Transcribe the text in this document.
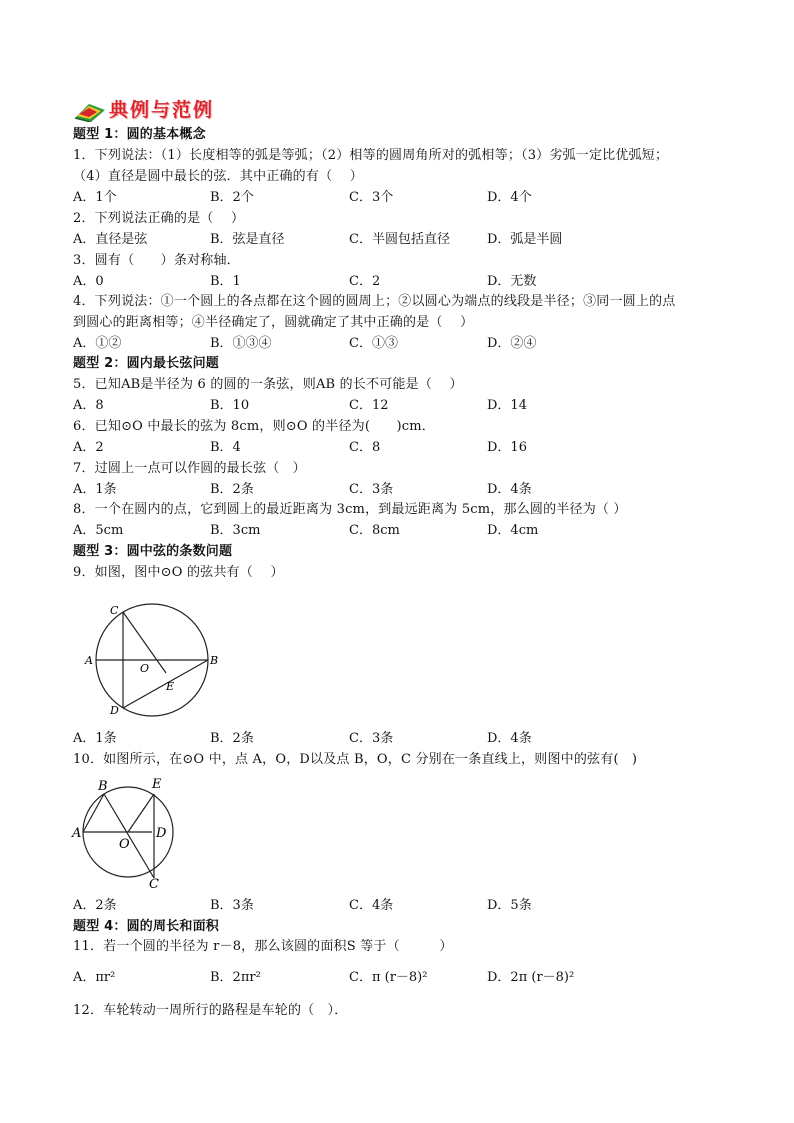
典例与范例
题型 1：圆的基本概念
1．下列说法：（1）长度相等的弧是等弧；（2）相等的圆周角所对的弧相等；（3）劣弧一定比优弧短；
（4）直径是圆中最长的弦．其中正确的有（　 ）
A．1个	B．2个	C．3个	D．4个
2．下列说法正确的是（　 ）
A．直径是弦	B．弦是直径	C．半圆包括直径	D．弧是半圆
3．圆有（　　）条对称轴．
A．0	B．1	C．2	D．无数
4．下列说法：①一个圆上的各点都在这个圆的圆周上；②以圆心为端点的线段是半径；③同一圆上的点
到圆心的距离相等；④半径确定了，圆就确定了其中正确的是（　 ）
A．①②	B．①③④	C．①③	D．②④
题型 2：圆内最长弦问题
5．已知AB是半径为 6 的圆的一条弦，则AB 的长不可能是（　 ）
A．8	B．10	C．12	D．14
6．已知⊙O 中最长的弦为 8cm，则⊙O 的半径为(　　)cm．
A．2	B．4	C．8	D．16
7．过圆上一点可以作圆的最长弦（　）
A．1条	B．2条	C．3条	D．4条
8．一个在圆内的点，它到圆上的最近距离为 3cm，到最远距离为 5cm，那么圆的半径为（ ）
A．5cm	B．3cm	C．8cm	D．4cm
题型 3：圆中弦的条数问题
9．如图，图中⊙O 的弦共有（　 ）
C
A	B
O
E
D
A．1条	B．2条	C．3条	D．4条
10．如图所示，在⊙O 中，点 A，O，D以及点 B，O，C 分别在一条直线上，则图中的弦有(　)
B	E
A	D
O
C
A．2条	B．3条	C．4条	D．5条
题型 4：圆的周长和面积
11．若一个圆的半径为 r－8，那么该圆的面积S 等于（　　　）
A．πr²	B．2πr²	C．π (r－8)²	D．2π (r－8)²
12．车轮转动一周所行的路程是车轮的（　）．
